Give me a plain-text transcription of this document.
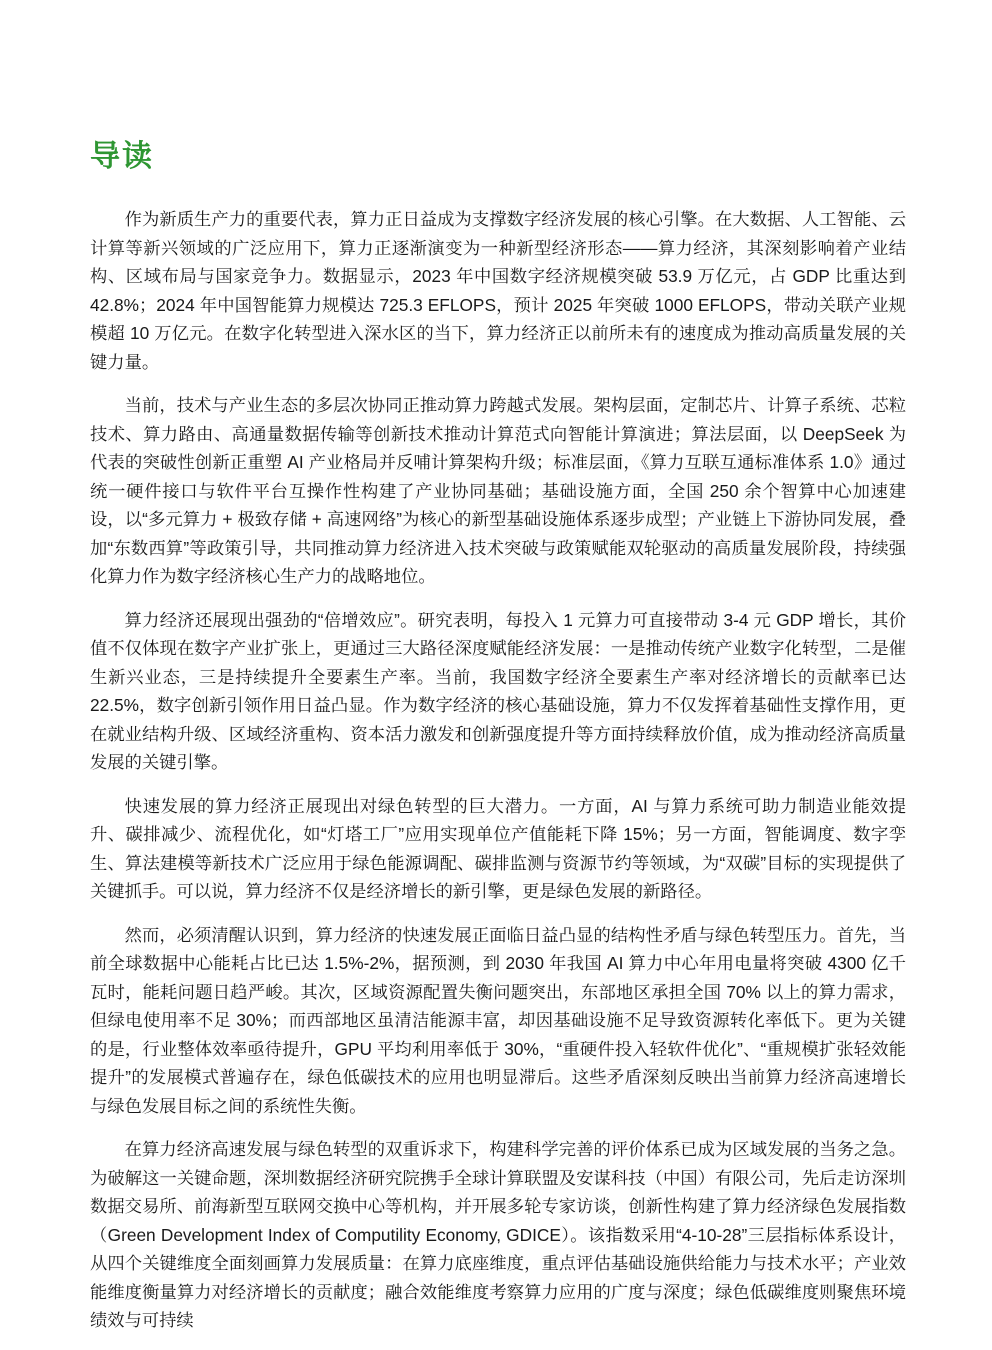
导读

作为新质生产力的重要代表，算力正日益成为支撑数字经济发展的核心引擎。在大数据、人工智能、云计算等新兴领域的广泛应用下，算力正逐渐演变为一种新型经济形态——算力经济，其深刻影响着产业结构、区域布局与国家竞争力。数据显示，2023 年中国数字经济规模突破 53.9 万亿元，占 GDP 比重达到 42.8%；2024 年中国智能算力规模达 725.3 EFLOPS，预计 2025 年突破 1000 EFLOPS，带动关联产业规模超 10 万亿元。在数字化转型进入深水区的当下，算力经济正以前所未有的速度成为推动高质量发展的关键力量。

当前，技术与产业生态的多层次协同正推动算力跨越式发展。架构层面，定制芯片、计算子系统、芯粒技术、算力路由、高通量数据传输等创新技术推动计算范式向智能计算演进；算法层面，以 DeepSeek 为代表的突破性创新正重塑 AI 产业格局并反哺计算架构升级；标准层面，《算力互联互通标准体系 1.0》通过统一硬件接口与软件平台互操作性构建了产业协同基础；基础设施方面，全国 250 余个智算中心加速建设，以“多元算力 + 极致存储 + 高速网络”为核心的新型基础设施体系逐步成型；产业链上下游协同发展，叠加“东数西算”等政策引导，共同推动算力经济进入技术突破与政策赋能双轮驱动的高质量发展阶段，持续强化算力作为数字经济核心生产力的战略地位。

算力经济还展现出强劲的“倍增效应”。研究表明，每投入 1 元算力可直接带动 3-4 元 GDP 增长，其价值不仅体现在数字产业扩张上，更通过三大路径深度赋能经济发展：一是推动传统产业数字化转型，二是催生新兴业态，三是持续提升全要素生产率。当前，我国数字经济全要素生产率对经济增长的贡献率已达 22.5%，数字创新引领作用日益凸显。作为数字经济的核心基础设施，算力不仅发挥着基础性支撑作用，更在就业结构升级、区域经济重构、资本活力激发和创新强度提升等方面持续释放价值，成为推动经济高质量发展的关键引擎。

快速发展的算力经济正展现出对绿色转型的巨大潜力。一方面，AI 与算力系统可助力制造业能效提升、碳排减少、流程优化，如“灯塔工厂”应用实现单位产值能耗下降 15%；另一方面，智能调度、数字孪生、算法建模等新技术广泛应用于绿色能源调配、碳排监测与资源节约等领域，为“双碳”目标的实现提供了关键抓手。可以说，算力经济不仅是经济增长的新引擎，更是绿色发展的新路径。

然而，必须清醒认识到，算力经济的快速发展正面临日益凸显的结构性矛盾与绿色转型压力。首先，当前全球数据中心能耗占比已达 1.5%-2%，据预测，到 2030 年我国 AI 算力中心年用电量将突破 4300 亿千瓦时，能耗问题日趋严峻。其次，区域资源配置失衡问题突出，东部地区承担全国 70% 以上的算力需求，但绿电使用率不足 30%；而西部地区虽清洁能源丰富，却因基础设施不足导致资源转化率低下。更为关键的是，行业整体效率亟待提升，GPU 平均利用率低于 30%，“重硬件投入轻软件优化”、“重规模扩张轻效能提升”的发展模式普遍存在，绿色低碳技术的应用也明显滞后。这些矛盾深刻反映出当前算力经济高速增长与绿色发展目标之间的系统性失衡。

在算力经济高速发展与绿色转型的双重诉求下，构建科学完善的评价体系已成为区域发展的当务之急。为破解这一关键命题，深圳数据经济研究院携手全球计算联盟及安谋科技（中国）有限公司，先后走访深圳数据交易所、前海新型互联网交换中心等机构，并开展多轮专家访谈，创新性构建了算力经济绿色发展指数（Green Development Index of Computility Economy, GDICE）。该指数采用“4-10-28”三层指标体系设计，从四个关键维度全面刻画算力发展质量：在算力底座维度，重点评估基础设施供给能力与技术水平；产业效能维度衡量算力对经济增长的贡献度；融合效能维度考察算力应用的广度与深度；绿色低碳维度则聚焦环境绩效与可持续
